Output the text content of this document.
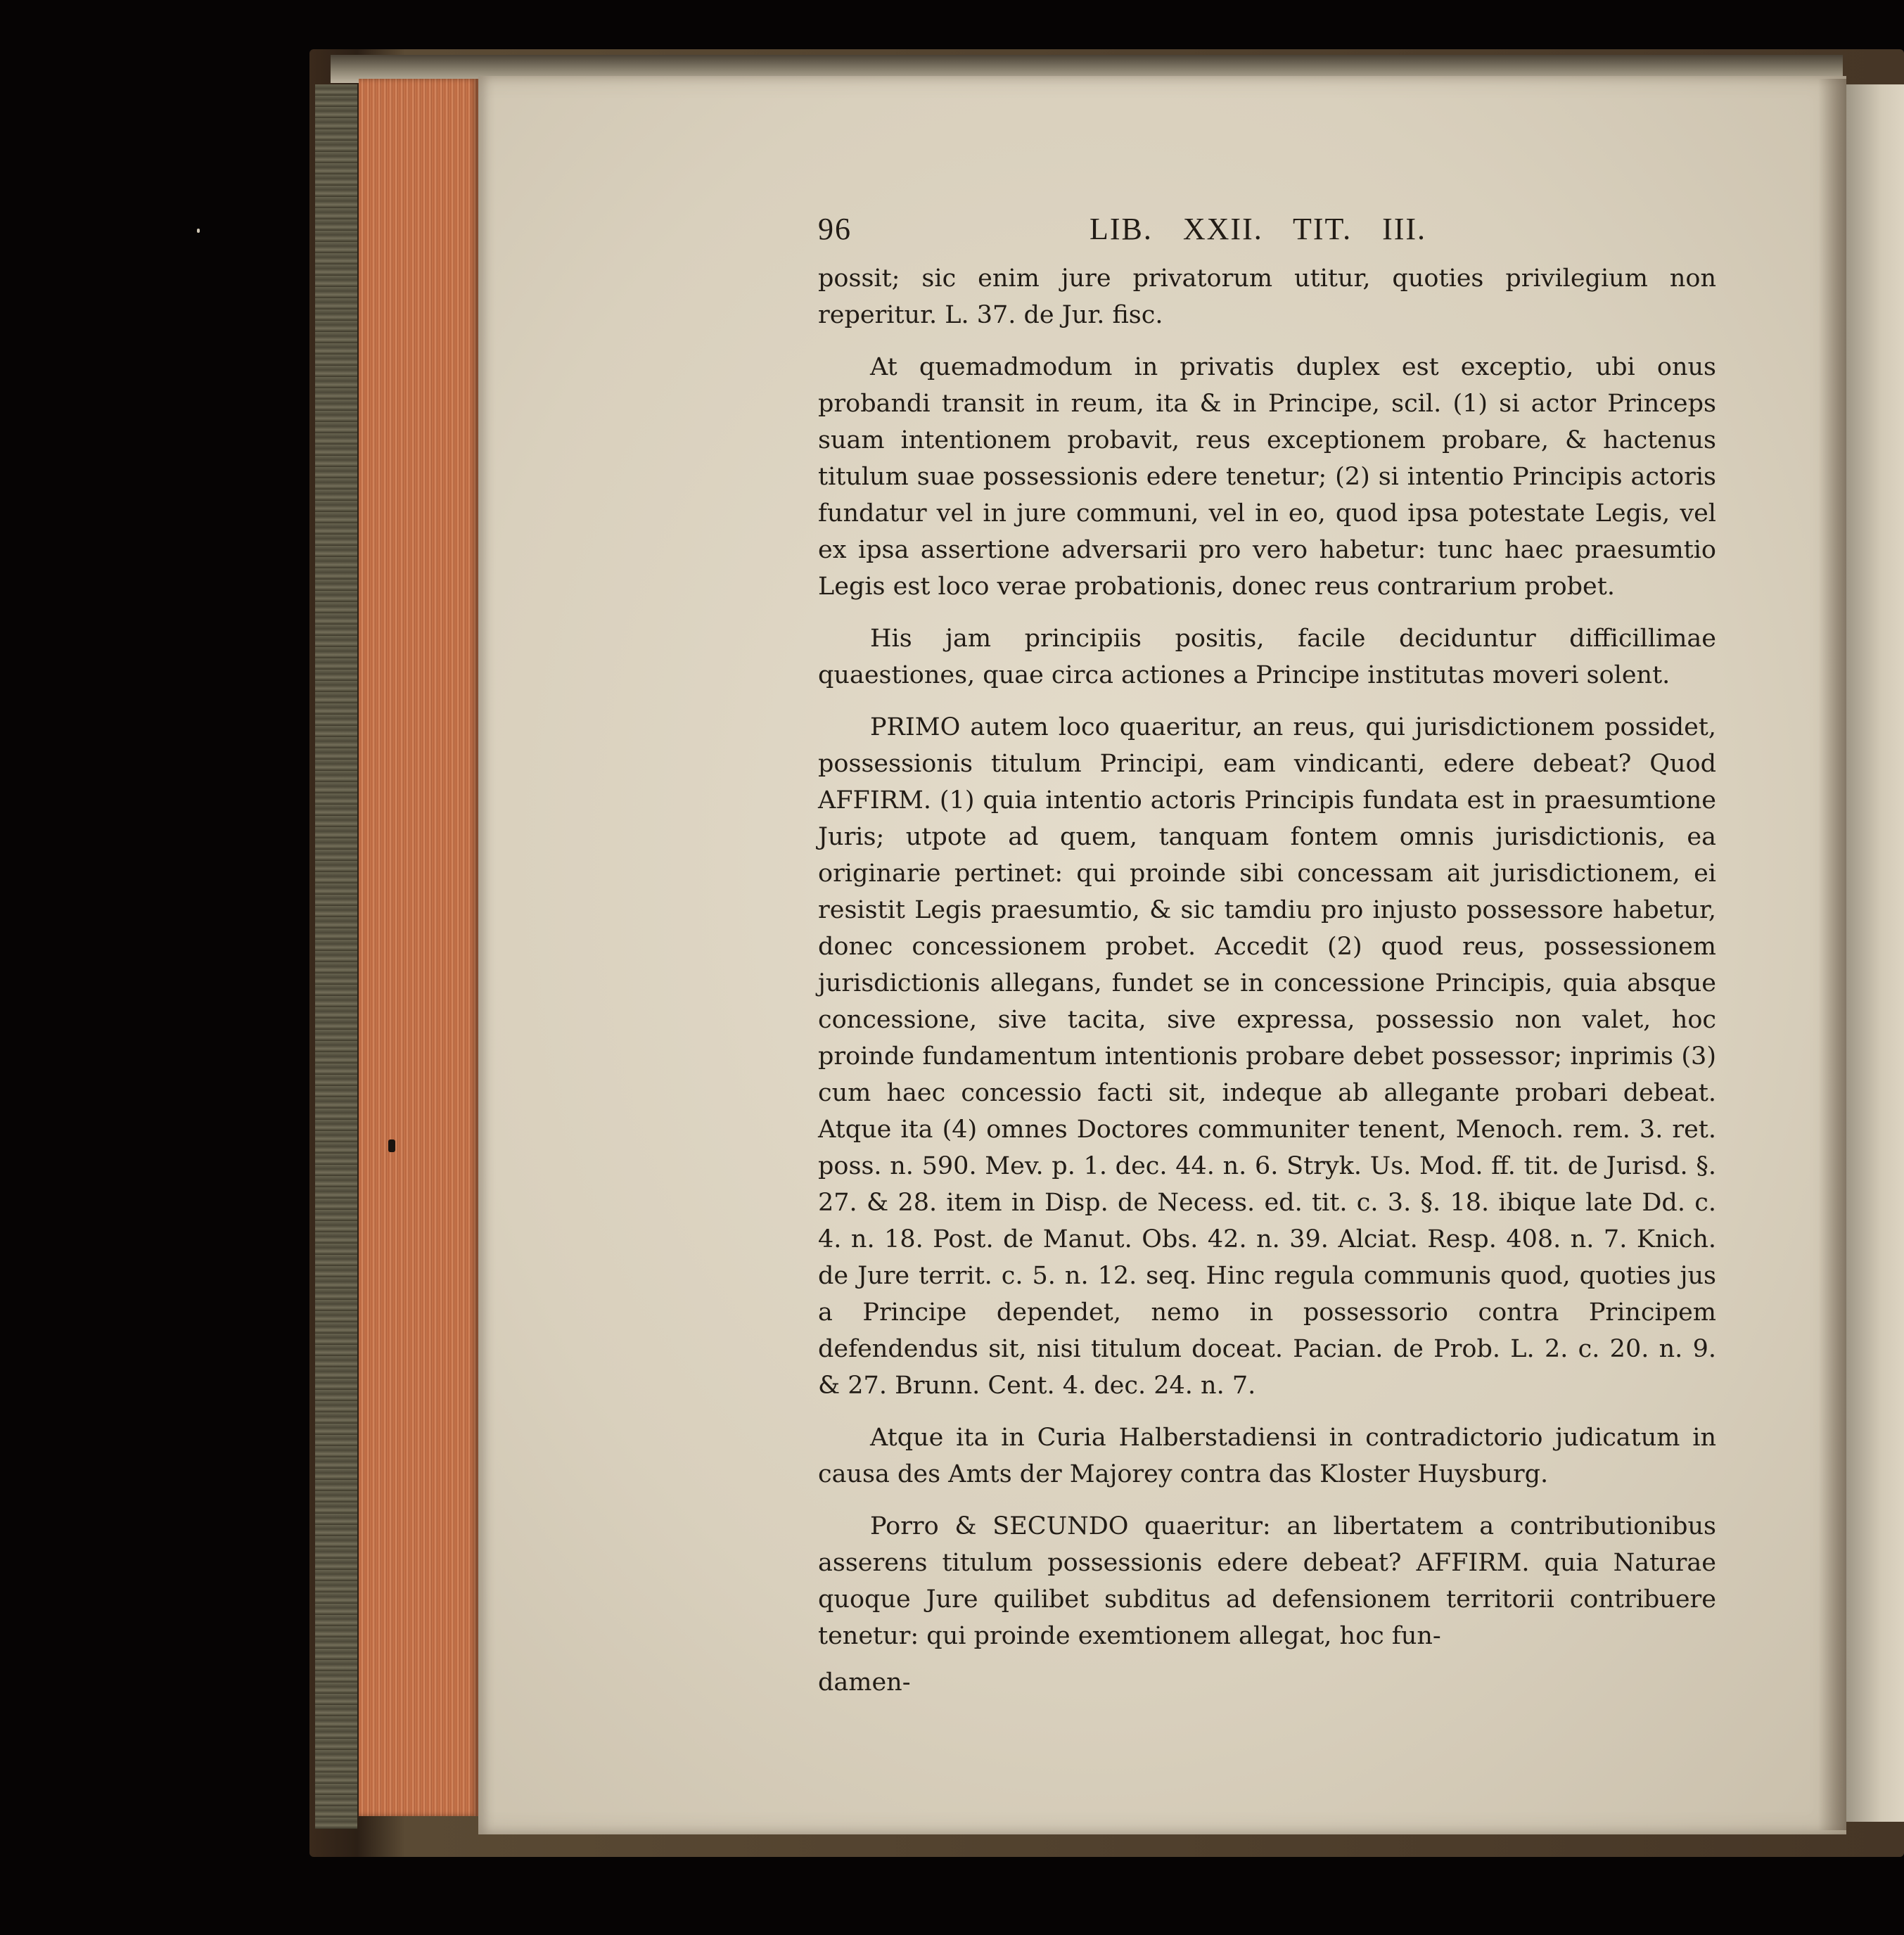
96	LIB. XXII. TIT. III.

possit; sic enim jure privatorum utitur, quoties privilegium non reperitur. L. 37. de Jur. fisc.

At quemadmodum in privatis duplex est exceptio, ubi onus probandi transit in reum, ita & in Principe, scil. (1) si actor Princeps suam intentionem probavit, reus exceptionem probare, & hactenus titulum suae possessionis edere tenetur; (2) si intentio Principis actoris fundatur vel in jure communi, vel in eo, quod ipsa potestate Legis, vel ex ipsa assertione adversarii pro vero habetur: tunc haec praesumtio Legis est loco verae probationis, donec reus contrarium probet.

His jam principiis positis, facile deciduntur difficillimae quaestiones, quae circa actiones a Principe institutas moveri solent.

PRIMO autem loco quaeritur, an reus, qui jurisdictionem possidet, possessionis titulum Principi, eam vindicanti, edere debeat? Quod AFFIRM. (1) quia intentio actoris Principis fundata est in praesumtione Juris; utpote ad quem, tanquam fontem omnis jurisdictionis, ea originarie pertinet: qui proinde sibi concessam ait jurisdictionem, ei resistit Legis praesumtio, & sic tamdiu pro injusto possessore habetur, donec concessionem probet. Accedit (2) quod reus, possessionem jurisdictionis allegans, fundet se in concessione Principis, quia absque concessione, sive tacita, sive expressa, possessio non valet, hoc proinde fundamentum intentionis probare debet possessor; inprimis (3) cum haec concessio facti sit, indeque ab allegante probari debeat. Atque ita (4) omnes Doctores communiter tenent, Menoch. rem. 3. ret. poss. n. 590. Mev. p. 1. dec. 44. n. 6. Stryk. Us. Mod. ff. tit. de Jurisd. §. 27. & 28. item in Disp. de Necess. ed. tit. c. 3. §. 18. ibique late Dd. c. 4. n. 18. Post. de Manut. Obs. 42. n. 39. Alciat. Resp. 408. n. 7. Knich. de Jure territ. c. 5. n. 12. seq. Hinc regula communis quod, quoties jus a Principe dependet, nemo in possessorio contra Principem defendendus sit, nisi titulum doceat. Pacian. de Prob. L. 2. c. 20. n. 9. & 27. Brunn. Cent. 4. dec. 24. n. 7.

Atque ita in Curia Halberstadiensi in contradictorio judicatum in causa des Amts der Majorey contra das Kloster Huysburg.

Porro & SECUNDO quaeritur: an libertatem a contributionibus asserens titulum possessionis edere debeat? AFFIRM. quia Naturae quoque Jure quilibet subditus ad defensionem territorii contribuere tenetur: qui proinde exemtionem allegat, hoc fun-

damen-
